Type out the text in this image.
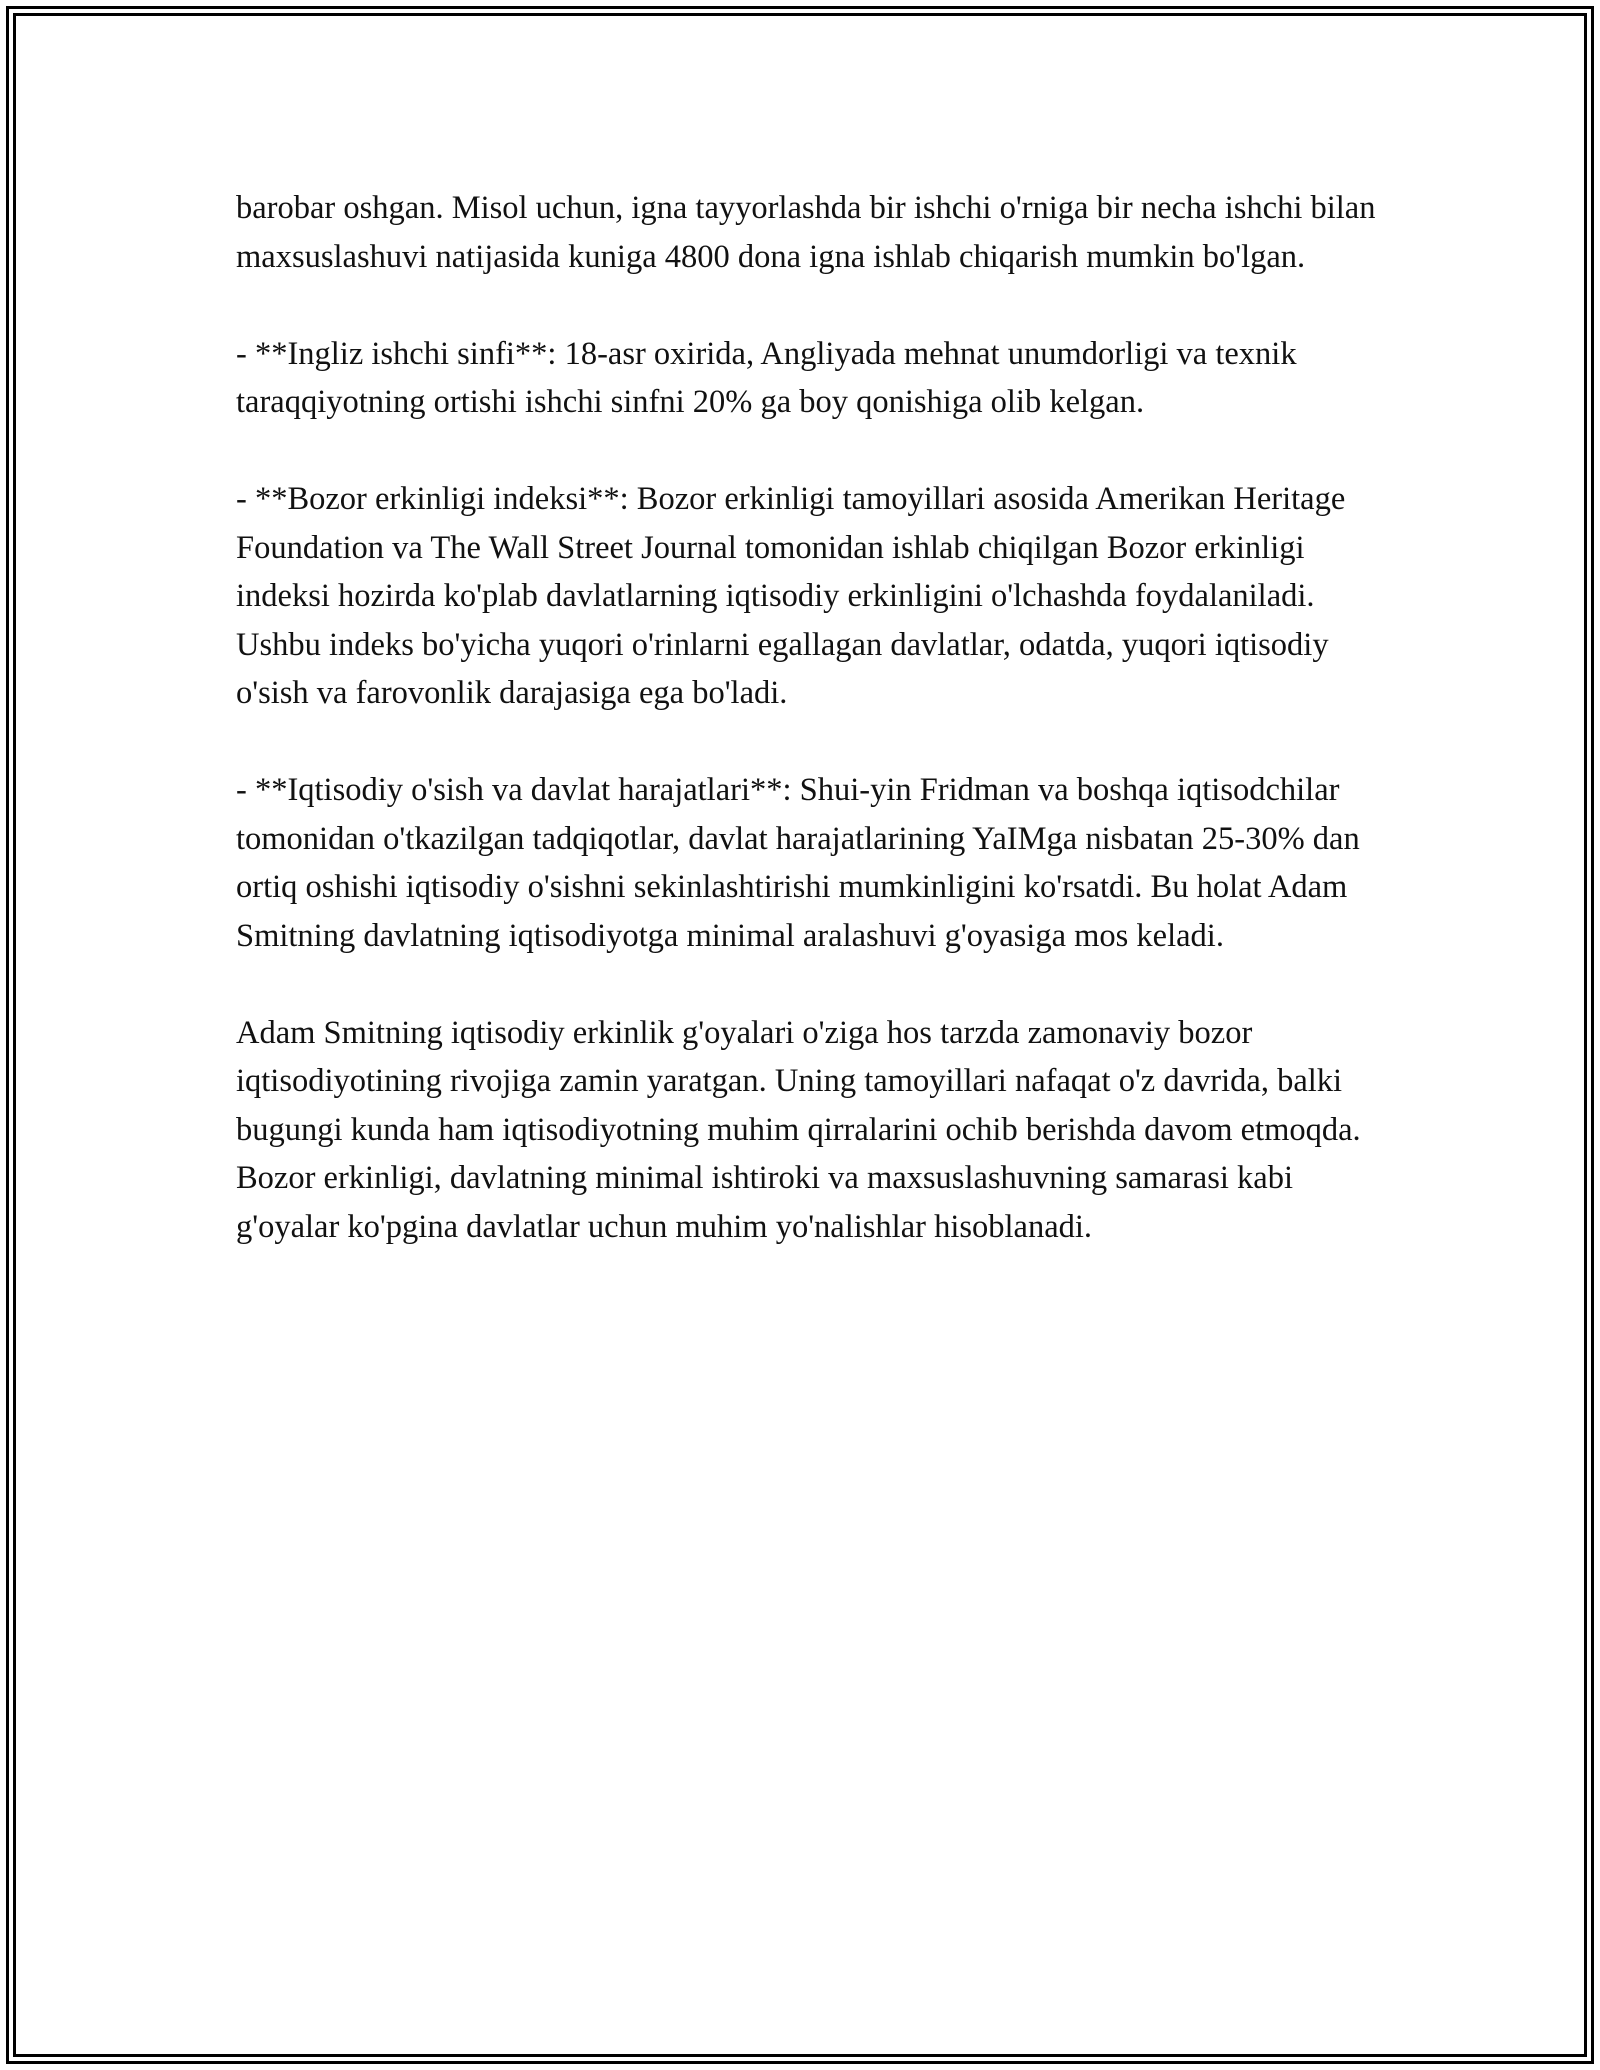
barobar oshgan. Misol uchun, igna tayyorlashda bir ishchi o'rniga bir necha ishchi bilan maxsuslashuvi natijasida kuniga 4800 dona igna ishlab chiqarish mumkin bo'lgan.

- **Ingliz ishchi sinfi**: 18-asr oxirida, Angliyada mehnat unumdorligi va texnik taraqqiyotning ortishi ishchi sinfni 20% ga boy qonishiga olib kelgan.

- **Bozor erkinligi indeksi**: Bozor erkinligi tamoyillari asosida Amerikan Heritage Foundation va The Wall Street Journal tomonidan ishlab chiqilgan Bozor erkinligi indeksi hozirda ko'plab davlatlarning iqtisodiy erkinligini o'lchashda foydalaniladi. Ushbu indeks bo'yicha yuqori o'rinlarni egallagan davlatlar, odatda, yuqori iqtisodiy o'sish va farovonlik darajasiga ega bo'ladi.

- **Iqtisodiy o'sish va davlat harajatlari**: Shui-yin Fridman va boshqa iqtisodchilar tomonidan o'tkazilgan tadqiqotlar, davlat harajatlarining YaIMga nisbatan 25-30% dan ortiq oshishi iqtisodiy o'sishni sekinlashtirishi mumkinligini ko'rsatdi. Bu holat Adam Smitning davlatning iqtisodiyotga minimal aralashuvi g'oyasiga mos keladi.

Adam Smitning iqtisodiy erkinlik g'oyalari o'ziga hos tarzda zamonaviy bozor iqtisodiyotining rivojiga zamin yaratgan. Uning tamoyillari nafaqat o'z davrida, balki bugungi kunda ham iqtisodiyotning muhim qirralarini ochib berishda davom etmoqda. Bozor erkinligi, davlatning minimal ishtiroki va maxsuslashuvning samarasi kabi g'oyalar ko'pgina davlatlar uchun muhim yo'nalishlar hisoblanadi.
